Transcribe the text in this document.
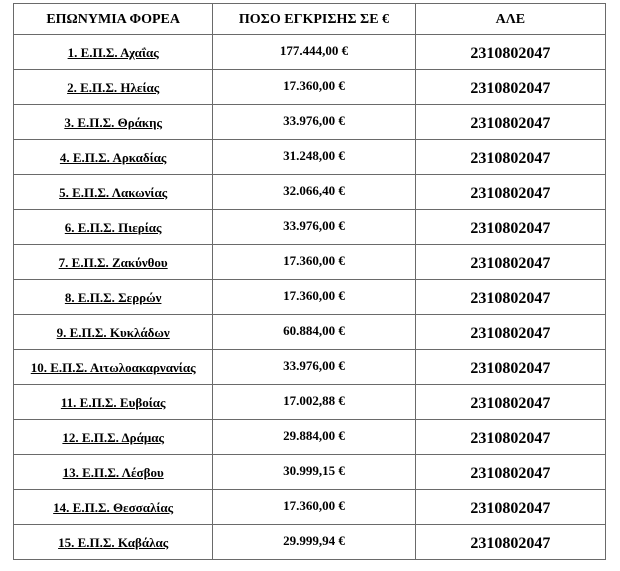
ΕΠΩΝΥΜΙΑ ΦΟΡΕΑ	ΠΟΣΟ ΕΓΚΡΙΣΗΣ ΣΕ €	ΑΛΕ
1. Ε.Π.Σ. Αχαΐας	177.444,00 €	2310802047
2. Ε.Π.Σ. Ηλείας	17.360,00 €	2310802047
3. Ε.Π.Σ. Θράκης	33.976,00 €	2310802047
4. Ε.Π.Σ. Αρκαδίας	31.248,00 €	2310802047
5. Ε.Π.Σ. Λακωνίας	32.066,40 €	2310802047
6. Ε.Π.Σ. Πιερίας	33.976,00 €	2310802047
7. Ε.Π.Σ. Ζακύνθου	17.360,00 €	2310802047
8. Ε.Π.Σ. Σερρών	17.360,00 €	2310802047
9. Ε.Π.Σ. Κυκλάδων	60.884,00 €	2310802047
10. Ε.Π.Σ. Αιτωλοακαρνανίας	33.976,00 €	2310802047
11. Ε.Π.Σ. Ευβοίας	17.002,88 €	2310802047
12. Ε.Π.Σ. Δράμας	29.884,00 €	2310802047
13. Ε.Π.Σ. Λέσβου	30.999,15 €	2310802047
14. Ε.Π.Σ. Θεσσαλίας	17.360,00 €	2310802047
15. Ε.Π.Σ. Καβάλας	29.999,94 €	2310802047
